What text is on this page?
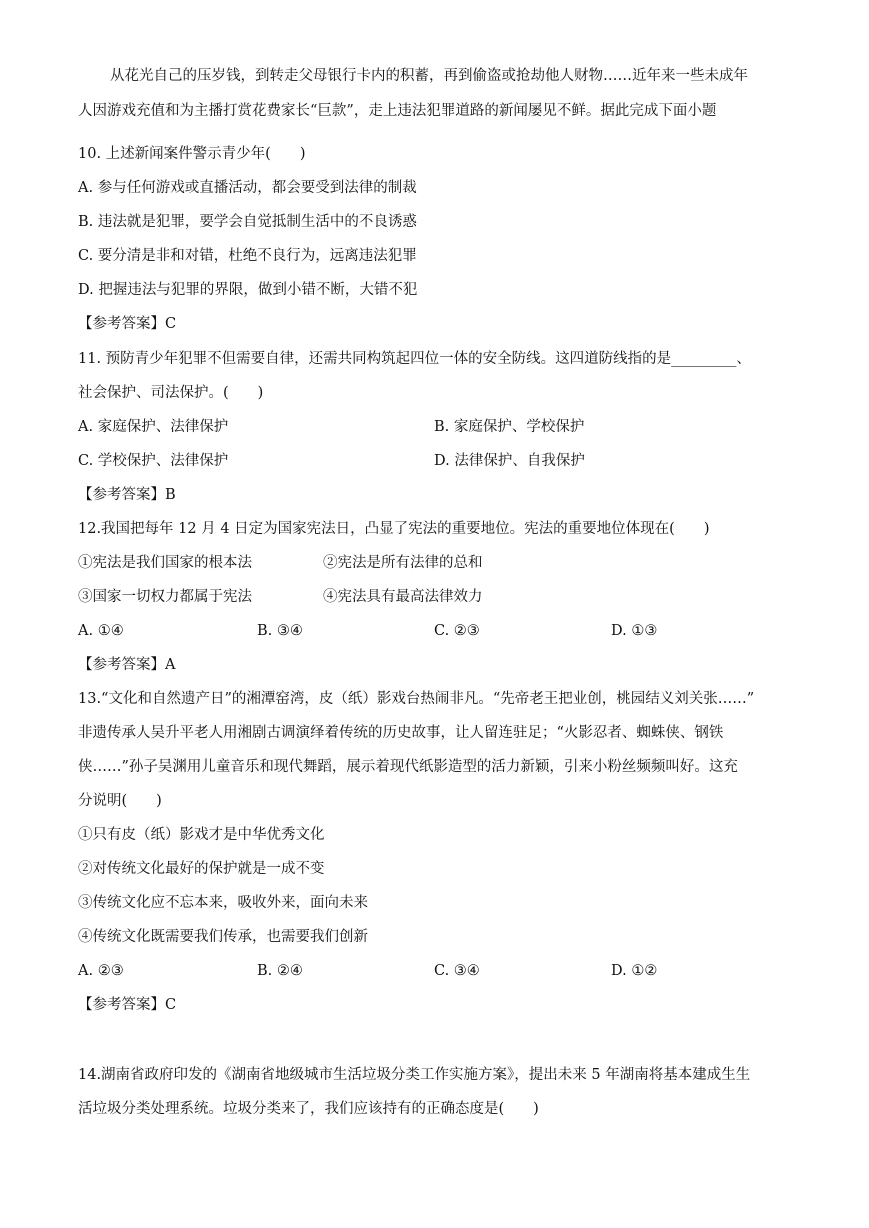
从花光自己的压岁钱，到转走父母银行卡内的积蓄，再到偷盗或抢劫他人财物……近年来一些未成年
人因游戏充值和为主播打赏花费家长“巨款”，走上违法犯罪道路的新闻屡见不鲜。据此完成下面小题
10. 上述新闻案件警示青少年(　　)
A. 参与任何游戏或直播活动，都会要受到法律的制裁
B. 违法就是犯罪，要学会自觉抵制生活中的不良诱惑
C. 要分清是非和对错，杜绝不良行为，远离违法犯罪
D. 把握违法与犯罪的界限，做到小错不断，大错不犯
【参考答案】C
11. 预防青少年犯罪不但需要自律，还需共同构筑起四位一体的安全防线。这四道防线指的是_________、
社会保护、司法保护。(　　)
A. 家庭保护、法律保护	B. 家庭保护、学校保护
C. 学校保护、法律保护	D. 法律保护、自我保护
【参考答案】B
12.我国把每年 12 月 4 日定为国家宪法日，凸显了宪法的重要地位。宪法的重要地位体现在(　　)
①宪法是我们国家的根本法	②宪法是所有法律的总和
③国家一切权力都属于宪法	④宪法具有最高法律效力
A. ①④	B. ③④	C. ②③	D. ①③
【参考答案】A
13.“文化和自然遗产日”的湘潭窑湾，皮（纸）影戏台热闹非凡。“先帝老王把业创，桃园结义刘关张……”
非遗传承人吴升平老人用湘剧古调演绎着传统的历史故事，让人留连驻足；“火影忍者、蜘蛛侠、钢铁
侠……”孙子吴渊用儿童音乐和现代舞蹈，展示着现代纸影造型的活力新颖，引来小粉丝频频叫好。这充
分说明(　　)
①只有皮（纸）影戏才是中华优秀文化
②对传统文化最好的保护就是一成不变
③传统文化应不忘本来，吸收外来，面向未来
④传统文化既需要我们传承，也需要我们创新
A. ②③	B. ②④	C. ③④	D. ①②
【参考答案】C
14.湖南省政府印发的《湖南省地级城市生活垃圾分类工作实施方案》，提出未来 5 年湖南将基本建成生生
活垃圾分类处理系统。垃圾分类来了，我们应该持有的正确态度是(　　)
